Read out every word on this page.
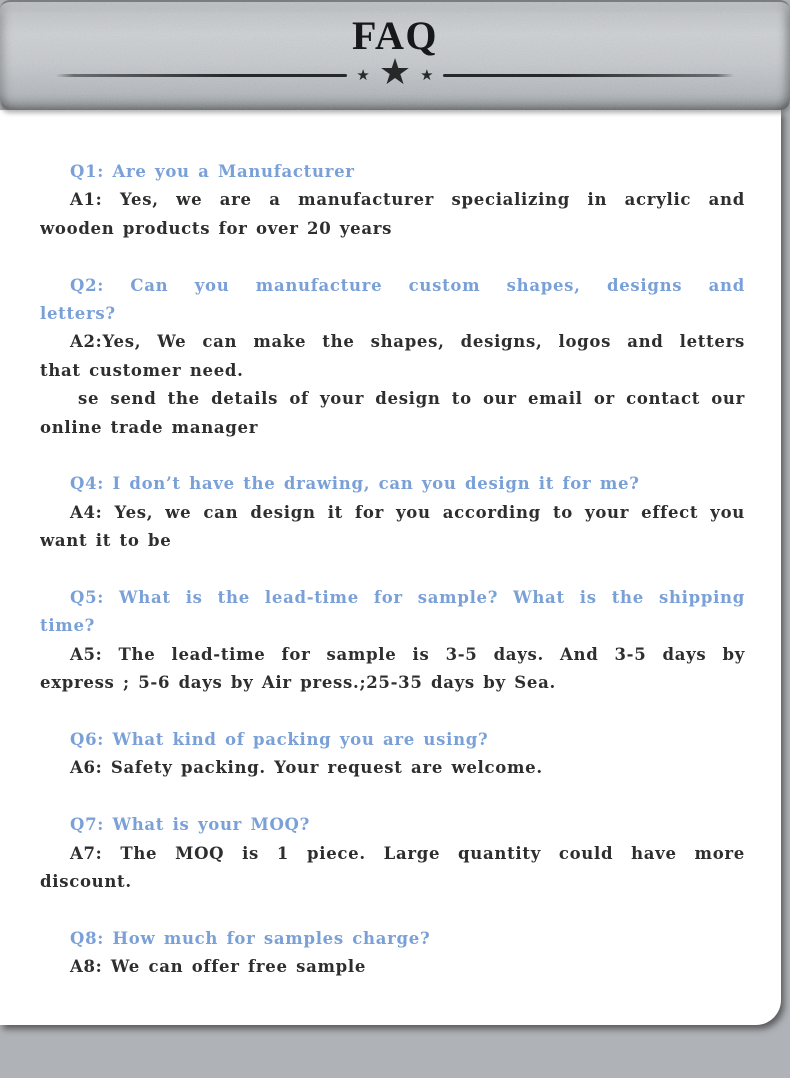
FAQ
★ ★ ★
Q1: Are you a Manufacturer
A1: Yes, we are a manufacturer specializing in acrylic and
wooden products for over 20 years
Q2: Can you manufacture custom shapes, designs and
letters?
A2:Yes, We can make the shapes, designs, logos and letters
that customer need.
se send the details of your design to our email or contact our
online trade manager
Q4: I don’t have the drawing, can you design it for me?
A4: Yes, we can design it for you according to your effect you
want it to be
Q5: What is the lead-time for sample? What is the shipping
time?
A5: The lead-time for sample is 3-5 days. And 3-5 days by
express ; 5-6 days by Air press.;25-35 days by Sea.
Q6: What kind of packing you are using?
A6: Safety packing. Your request are welcome.
Q7: What is your MOQ?
A7: The MOQ is 1 piece. Large quantity could have more
discount.
Q8: How much for samples charge?
A8: We can offer free sample
